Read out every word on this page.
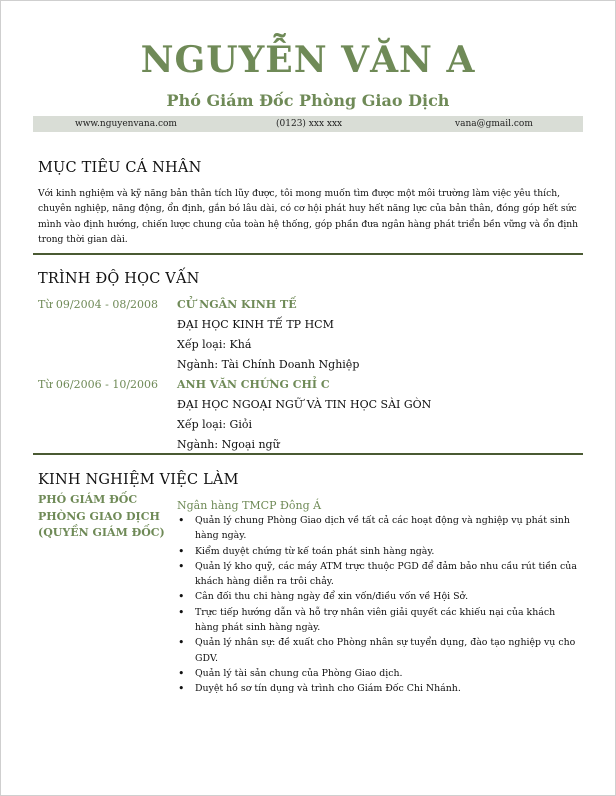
NGUYỄN VĂN A
Phó Giám Đốc Phòng Giao Dịch
www.nguyenvana.com	(0123) xxx xxx	vana@gmail.com
MỤC TIÊU CÁ NHÂN
Với kinh nghiệm và kỹ năng bản thân tích lũy được, tôi mong muốn tìm được một môi trường làm việc yêu thích, chuyên nghiệp, năng động, ổn định, gắn bó lâu dài, có cơ hội phát huy hết năng lực của bản thân, đóng góp hết sức mình vào định hướng, chiến lược chung của toàn hệ thống, góp phần đưa ngân hàng phát triển bền vững và ổn định trong thời gian dài.
TRÌNH ĐỘ HỌC VẤN
Từ 09/2004 - 08/2008 CỬ NGÂN KINH TẾ
ĐẠI HỌC KINH TẾ TP HCM
Xếp loại: Khá
Ngành: Tài Chính Doanh Nghiệp
Từ 06/2006 - 10/2006 ANH VĂN CHỨNG CHỈ C
ĐẠI HỌC NGOẠI NGỮ VÀ TIN HỌC SÀI GÒN
Xếp loại: Giỏi
Ngành: Ngoại ngữ
KINH NGHIỆM VIỆC LÀM
PHÓ GIÁM ĐỐC PHÒNG GIAO DỊCH (QUYỀN GIÁM ĐỐC)
Ngân hàng TMCP Đông Á
• Quản lý chung Phòng Giao dịch về tất cả các hoạt động và nghiệp vụ phát sinh hàng ngày.
• Kiểm duyệt chứng từ kế toán phát sinh hàng ngày.
• Quản lý kho quỹ, các máy ATM trực thuộc PGD để đảm bảo nhu cầu rút tiền của khách hàng diễn ra trôi chảy.
• Cân đối thu chi hàng ngày để xin vốn/điều vốn về Hội Sở.
• Trực tiếp hướng dẫn và hỗ trợ nhân viên giải quyết các khiếu nại của khách hàng phát sinh hàng ngày.
• Quản lý nhân sự: đề xuất cho Phòng nhân sự tuyển dụng, đào tạo nghiệp vụ cho GDV.
• Quản lý tài sản chung của Phòng Giao dịch.
• Duyệt hồ sơ tín dụng và trình cho Giám Đốc Chi Nhánh.
